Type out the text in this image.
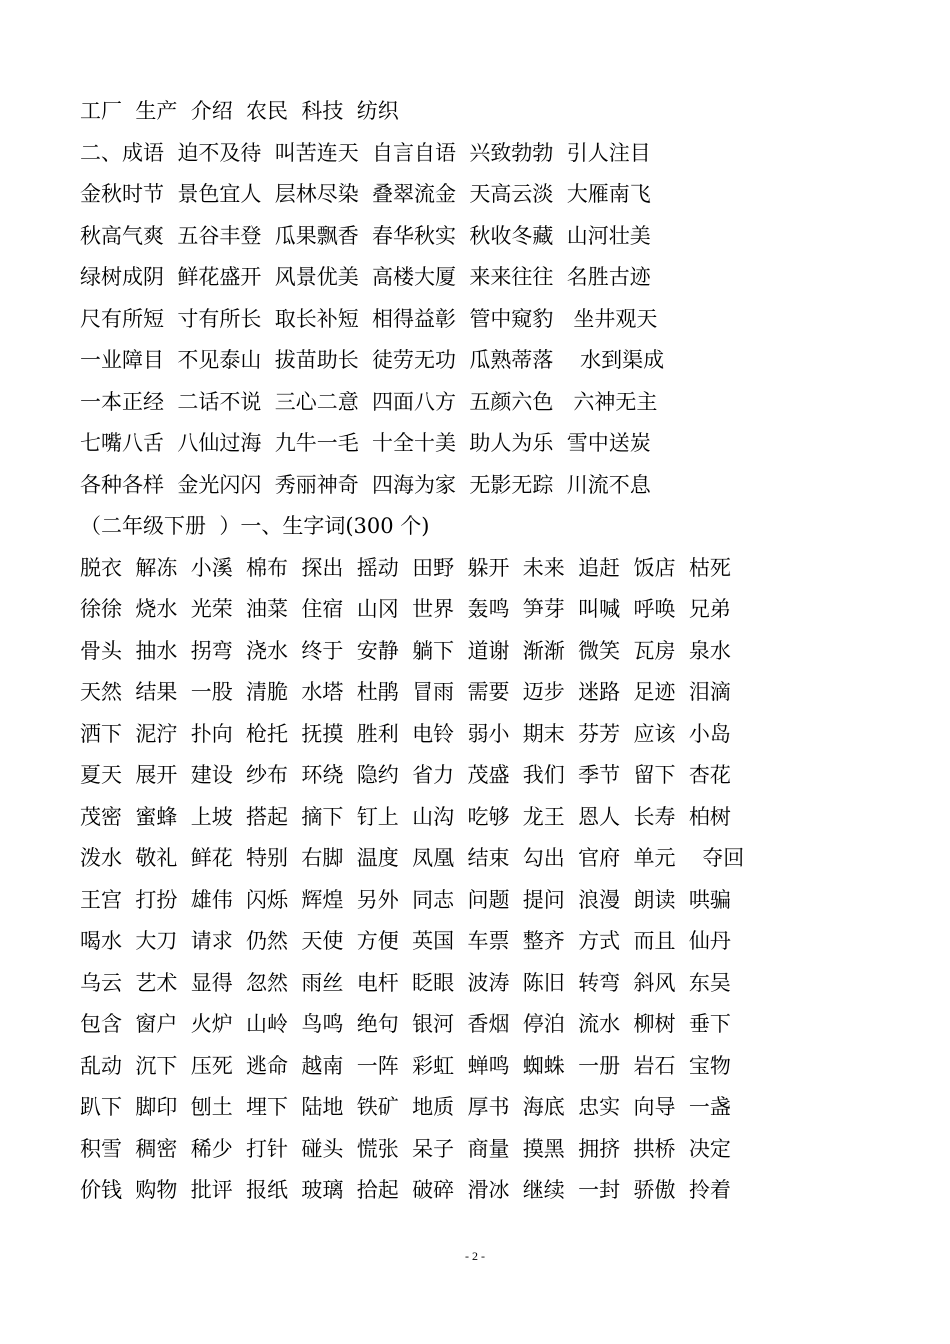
工厂  生产  介绍  农民  科技  纺织
二、成语  迫不及待  叫苦连天  自言自语  兴致勃勃  引人注目
金秋时节  景色宜人  层林尽染  叠翠流金  天高云淡  大雁南飞
秋高气爽  五谷丰登  瓜果飘香  春华秋实  秋收冬藏  山河壮美
绿树成阴  鲜花盛开  风景优美  高楼大厦  来来往往  名胜古迹
尺有所短  寸有所长  取长补短  相得益彰  管中窥豹   坐井观天
一业障目  不见泰山  拔苗助长  徒劳无功  瓜熟蒂落    水到渠成
一本正经  二话不说  三心二意  四面八方  五颜六色   六神无主
七嘴八舌  八仙过海  九牛一毛  十全十美  助人为乐  雪中送炭
各种各样  金光闪闪  秀丽神奇  四海为家  无影无踪  川流不息
（二年级下册  ）一、生字词(300 个)
脱衣  解冻  小溪  棉布  探出  摇动  田野  躲开  未来  追赶  饭店  枯死
徐徐  烧水  光荣  油菜  住宿  山冈  世界  轰鸣  笋芽  叫喊  呼唤  兄弟
骨头  抽水  拐弯  浇水  终于  安静  躺下  道谢  渐渐  微笑  瓦房  泉水
天然  结果  一股  清脆  水塔  杜鹃  冒雨  需要  迈步  迷路  足迹  泪滴
洒下  泥泞  扑向  枪托  抚摸  胜利  电铃  弱小  期末  芬芳  应该  小岛
夏天  展开  建设  纱布  环绕  隐约  省力  茂盛  我们  季节  留下  杏花
茂密  蜜蜂  上坡  搭起  摘下  钉上  山沟  吃够  龙王  恩人  长寿  柏树
泼水  敬礼  鲜花  特别  右脚  温度  凤凰  结束  勾出  官府  单元    夺回
王宫  打扮  雄伟  闪烁  辉煌  另外  同志  问题  提问  浪漫  朗读  哄骗
喝水  大刀  请求  仍然  天使  方便  英国  车票  整齐  方式  而且  仙丹
乌云  艺术  显得  忽然  雨丝  电杆  眨眼  波涛  陈旧  转弯  斜风  东吴
包含  窗户  火炉  山岭  鸟鸣  绝句  银河  香烟  停泊  流水  柳树  垂下
乱动  沉下  压死  逃命  越南  一阵  彩虹  蝉鸣  蜘蛛  一册  岩石  宝物
趴下  脚印  刨土  埋下  陆地  铁矿  地质  厚书  海底  忠实  向导  一盏
积雪  稠密  稀少  打针  碰头  慌张  呆子  商量  摸黑  拥挤  拱桥  决定
价钱  购物  批评  报纸  玻璃  拾起  破碎  滑冰  继续  一封  骄傲  拎着
- 2 -
